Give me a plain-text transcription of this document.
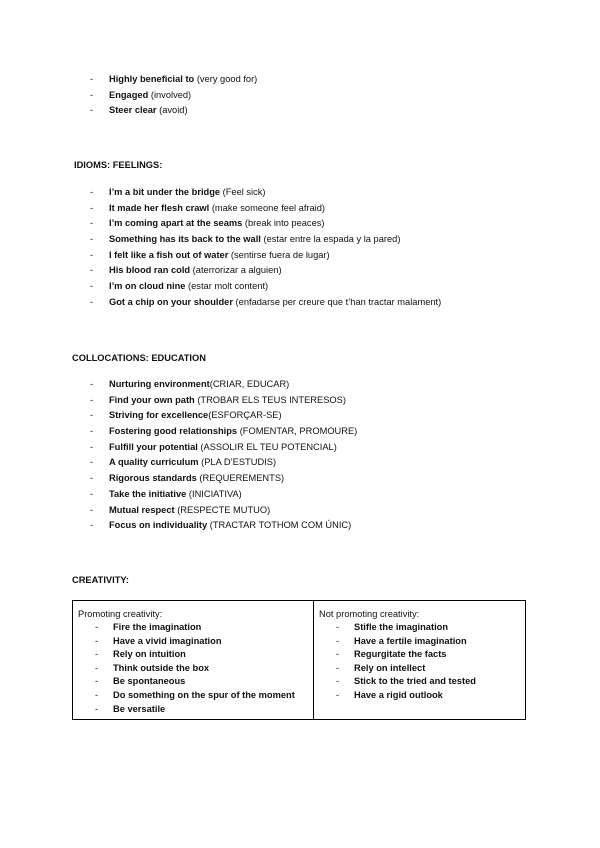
-	Highly beneficial to (very good for)
-	Engaged (involved)
-	Steer clear (avoid)
IDIOMS: FEELINGS:
-	I’m a bit under the bridge (Feel sick)
-	It made her flesh crawl (make someone feel afraid)
-	I’m coming apart at the seams (break into peaces)
-	Something has its back to the wall (estar entre la espada y la pared)
-	I felt like a fish out of water (sentirse fuera de lugar)
-	His blood ran cold (aterrorizar a alguien)
-	I’m on cloud nine (estar molt content)
-	Got a chip on your shoulder (enfadarse per creure que t’han tractar malament)
COLLOCATIONS: EDUCATION
-	Nurturing environment(CRIAR, EDUCAR)
-	Find your own path (TROBAR ELS TEUS INTERESOS)
-	Striving for excellence(ESFORÇAR-SE)
-	Fostering good relationships (FOMENTAR, PROMOURE)
-	Fulfill your potential (ASSOLIR EL TEU POTENCIAL)
-	A quality curriculum (PLA D’ESTUDIS)
-	Rigorous standards (REQUEREMENTS)
-	Take the initiative (INICIATIVA)
-	Mutual respect (RESPECTE MUTUO)
-	Focus on individuality (TRACTAR TOTHOM COM ÚNIC)
CREATIVITY:
Promoting creativity:
-	Fire the imagination
-	Have a vivid imagination
-	Rely on intuition
-	Think outside the box
-	Be spontaneous
-	Do something on the spur of the moment
-	Be versatile
Not promoting creativity:
-	Stifle the imagination
-	Have a fertile imagination
-	Regurgitate the facts
-	Rely on intellect
-	Stick to the tried and tested
-	Have a rigid outlook
